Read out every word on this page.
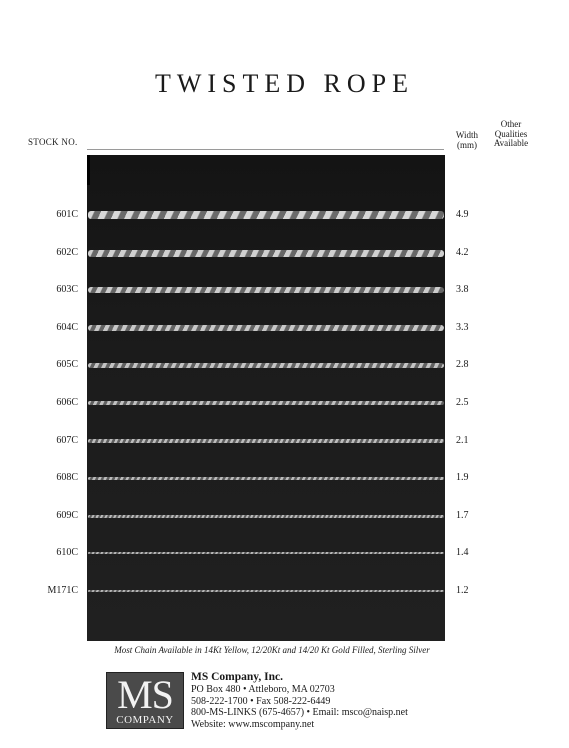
TWISTED ROPE
STOCK NO.
Width
(mm)
Other
Qualities
Available
601C	4.9
602C	4.2
603C	3.8
604C	3.3
605C	2.8
606C	2.5
607C	2.1
608C	1.9
609C	1.7
610C	1.4
M171C	1.2
Most Chain Available in 14Kt Yellow, 12/20Kt and 14/20 Kt Gold Filled, Sterling Silver
MS
COMPANY
MS Company, Inc.
PO Box 480 • Attleboro, MA 02703
508-222-1700 • Fax 508-222-6449
800-MS-LINKS (675-4657) • Email: msco@naisp.net
Website: www.mscompany.net
